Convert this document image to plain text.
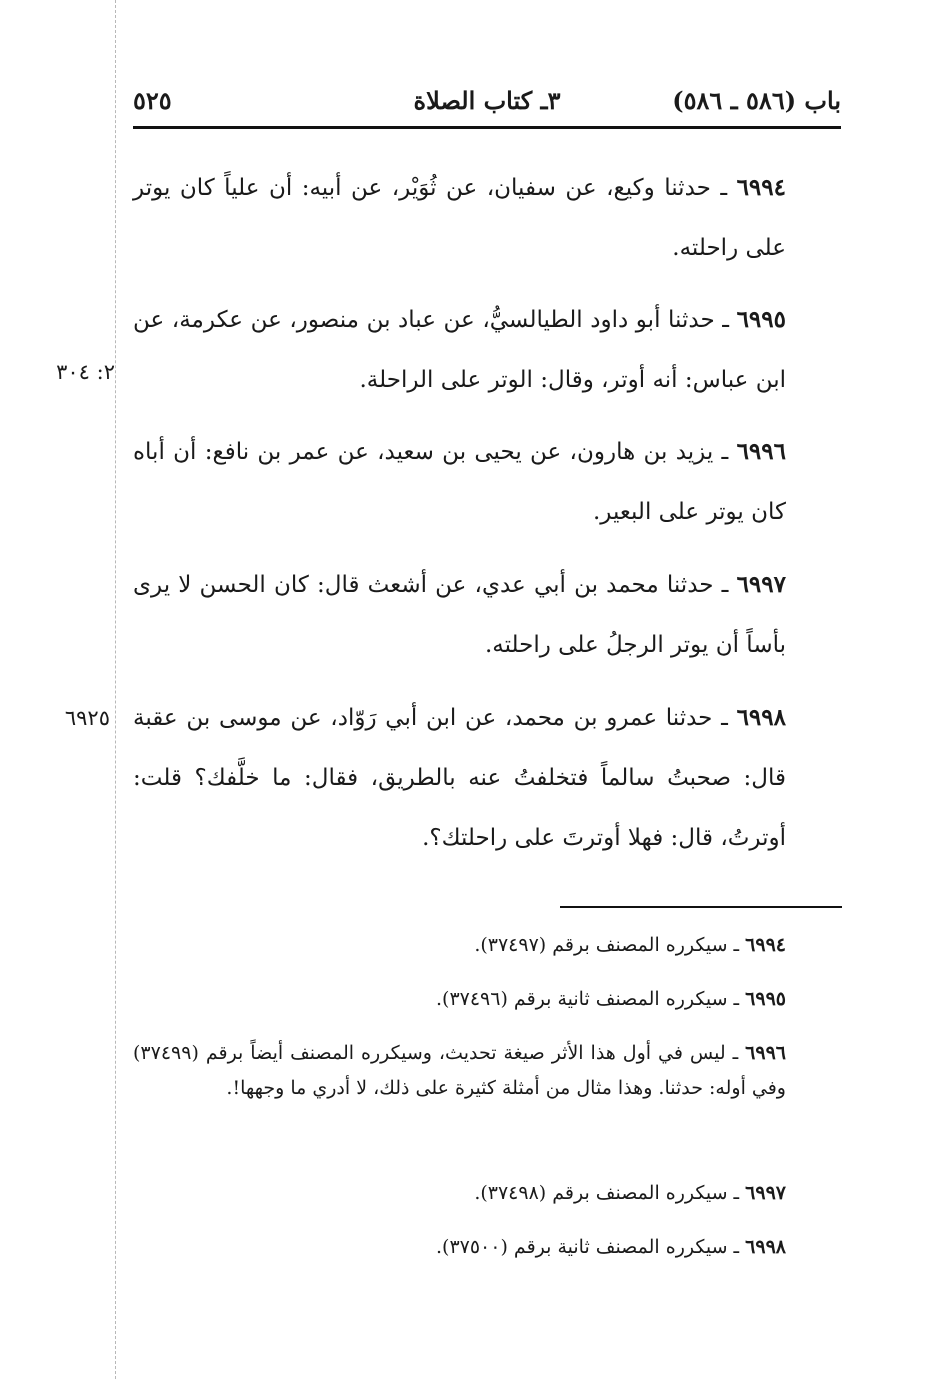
باب (٥٨٦ ـ ٥٨٦)
٣ـ كتاب الصلاة
٥٢٥

٦٩٩٤ ـ حدثنا وكيع، عن سفيان، عن ثُوَيْر، عن أبيه: أن علياً كان يوتر على راحلته.

٦٩٩٥ ـ حدثنا أبو داود الطيالسيُّ، عن عباد بن منصور، عن عكرمة، عن ابن عباس: أنه أوتر، وقال: الوتر على الراحلة.

٢: ٣٠٤

٦٩٩٦ ـ يزيد بن هارون، عن يحيى بن سعيد، عن عمر بن نافع: أن أباه كان يوتر على البعير.

٦٩٩٧ ـ حدثنا محمد بن أبي عدي، عن أشعث قال: كان الحسن لا يرى بأساً أن يوتر الرجلُ على راحلته.

٦٩٩٨ ـ حدثنا عمرو بن محمد، عن ابن أبي رَوّاد، عن موسى بن عقبة قال: صحبتُ سالماً فتخلفتُ عنه بالطريق، فقال: ما خلَّفك؟ قلت: أوترتُ، قال: فهلا أوترتَ على راحلتك؟.

٦٩٢٥

٦٩٩٤ ـ سيكرره المصنف برقم (٣٧٤٩٧).

٦٩٩٥ ـ سيكرره المصنف ثانية برقم (٣٧٤٩٦).

٦٩٩٦ ـ ليس في أول هذا الأثر صيغة تحديث، وسيكرره المصنف أيضاً برقم (٣٧٤٩٩) وفي أوله: حدثنا. وهذا مثال من أمثلة كثيرة على ذلك، لا أدري ما وجهها!.

٦٩٩٧ ـ سيكرره المصنف برقم (٣٧٤٩٨).

٦٩٩٨ ـ سيكرره المصنف ثانية برقم (٣٧٥٠٠).
